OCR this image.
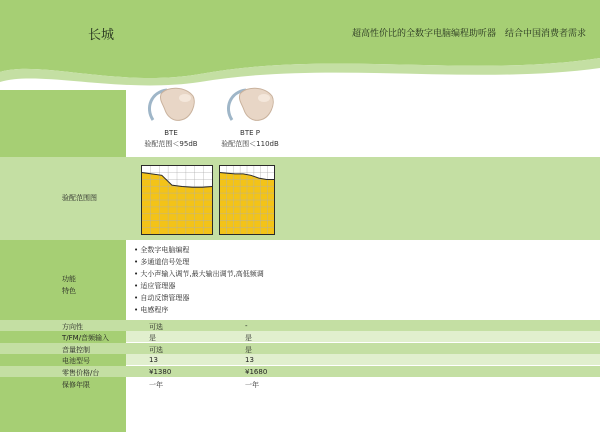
长城	超高性价比的全数字电脑编程助听器　结合中国消费者需求
BTE
验配范围＜95dB
BTE P
验配范围＜110dB
验配范围图
功能
特色
• 全数字电脑编程
• 多通道信号处理
• 大小声输入调节,最大输出调节,高低频调
• 适应管理器
• 自动反馈管理器
• 电感程序
方向性	可选	-
T/FM/音频输入	是	是
音量控制	可选	是
电池型号	13	13
零售价格/台	¥1380	¥1680
保修年限	一年	一年
